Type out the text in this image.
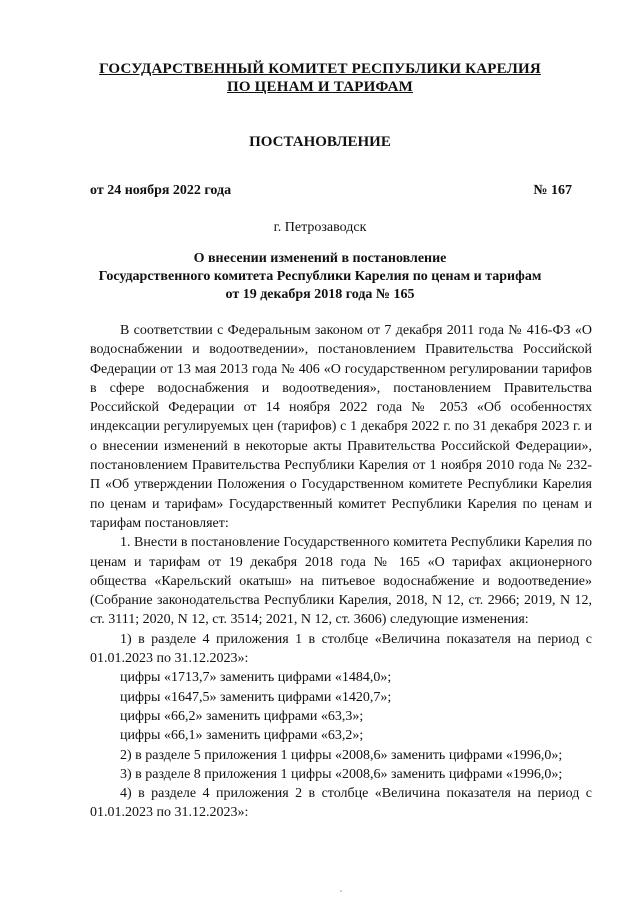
ГОСУДАРСТВЕННЫЙ КОМИТЕТ РЕСПУБЛИКИ КАРЕЛИЯ
ПО ЦЕНАМ И ТАРИФАМ
ПОСТАНОВЛЕНИЕ
от 24 ноября 2022 года	№ 167
г. Петрозаводск
О внесении изменений в постановление
Государственного комитета Республики Карелия по ценам и тарифам
от 19 декабря 2018 года № 165

В соответствии с Федеральным законом от 7 декабря 2011 года № 416-ФЗ «О водоснабжении и водоотведении», постановлением Правительства Российской Федерации от 13 мая 2013 года № 406 «О государственном регулировании тарифов в сфере водоснабжения и водоотведения», постановлением Правительства Российской Федерации от 14 ноября 2022 года № 2053 «Об особенностях индексации регулируемых цен (тарифов) с 1 декабря 2022 г. по 31 декабря 2023 г. и о внесении изменений в некоторые акты Правительства Российской Федерации», постановлением Правительства Республики Карелия от 1 ноября 2010 года № 232-П «Об утверждении Положения о Государственном комитете Республики Карелия по ценам и тарифам» Государственный комитет Республики Карелия по ценам и тарифам постановляет:

1. Внести в постановление Государственного комитета Республики Карелия по ценам и тарифам от 19 декабря 2018 года № 165 «О тарифах акционерного общества «Карельский окатыш» на питьевое водоснабжение и водоотведение» (Собрание законодательства Республики Карелия, 2018, N 12, ст. 2966; 2019, N 12, ст. 3111; 2020, N 12, ст. 3514; 2021, N 12, ст. 3606) следующие изменения:

1) в разделе 4 приложения 1 в столбце «Величина показателя на период с 01.01.2023 по 31.12.2023»:

цифры «1713,7» заменить цифрами «1484,0»;

цифры «1647,5» заменить цифрами «1420,7»;

цифры «66,2» заменить цифрами «63,3»;

цифры «66,1» заменить цифрами «63,2»;

2) в разделе 5 приложения 1 цифры «2008,6» заменить цифрами «1996,0»;

3) в разделе 8 приложения 1 цифры «2008,6» заменить цифрами «1996,0»;

4) в разделе 4 приложения 2 в столбце «Величина показателя на период с 01.01.2023 по 31.12.2023»:
